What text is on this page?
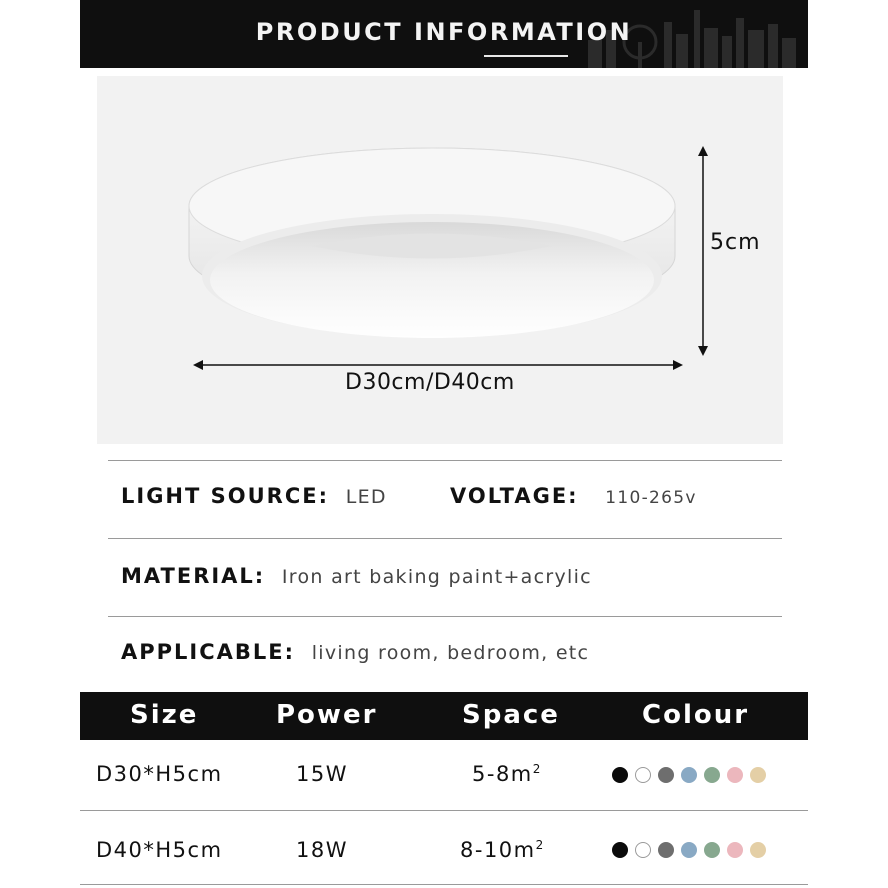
PRODUCT INFORMATION
5cm
D30cm/D40cm
LIGHT SOURCE: LED	VOLTAGE: 110-265v
MATERIAL: Iron art baking paint+acrylic
APPLICABLE: living room, bedroom, etc
Size	Power	Space	Colour
D30*H5cm	15W	$5-8m^2$
D40*H5cm	18W	$8-10m^2$
